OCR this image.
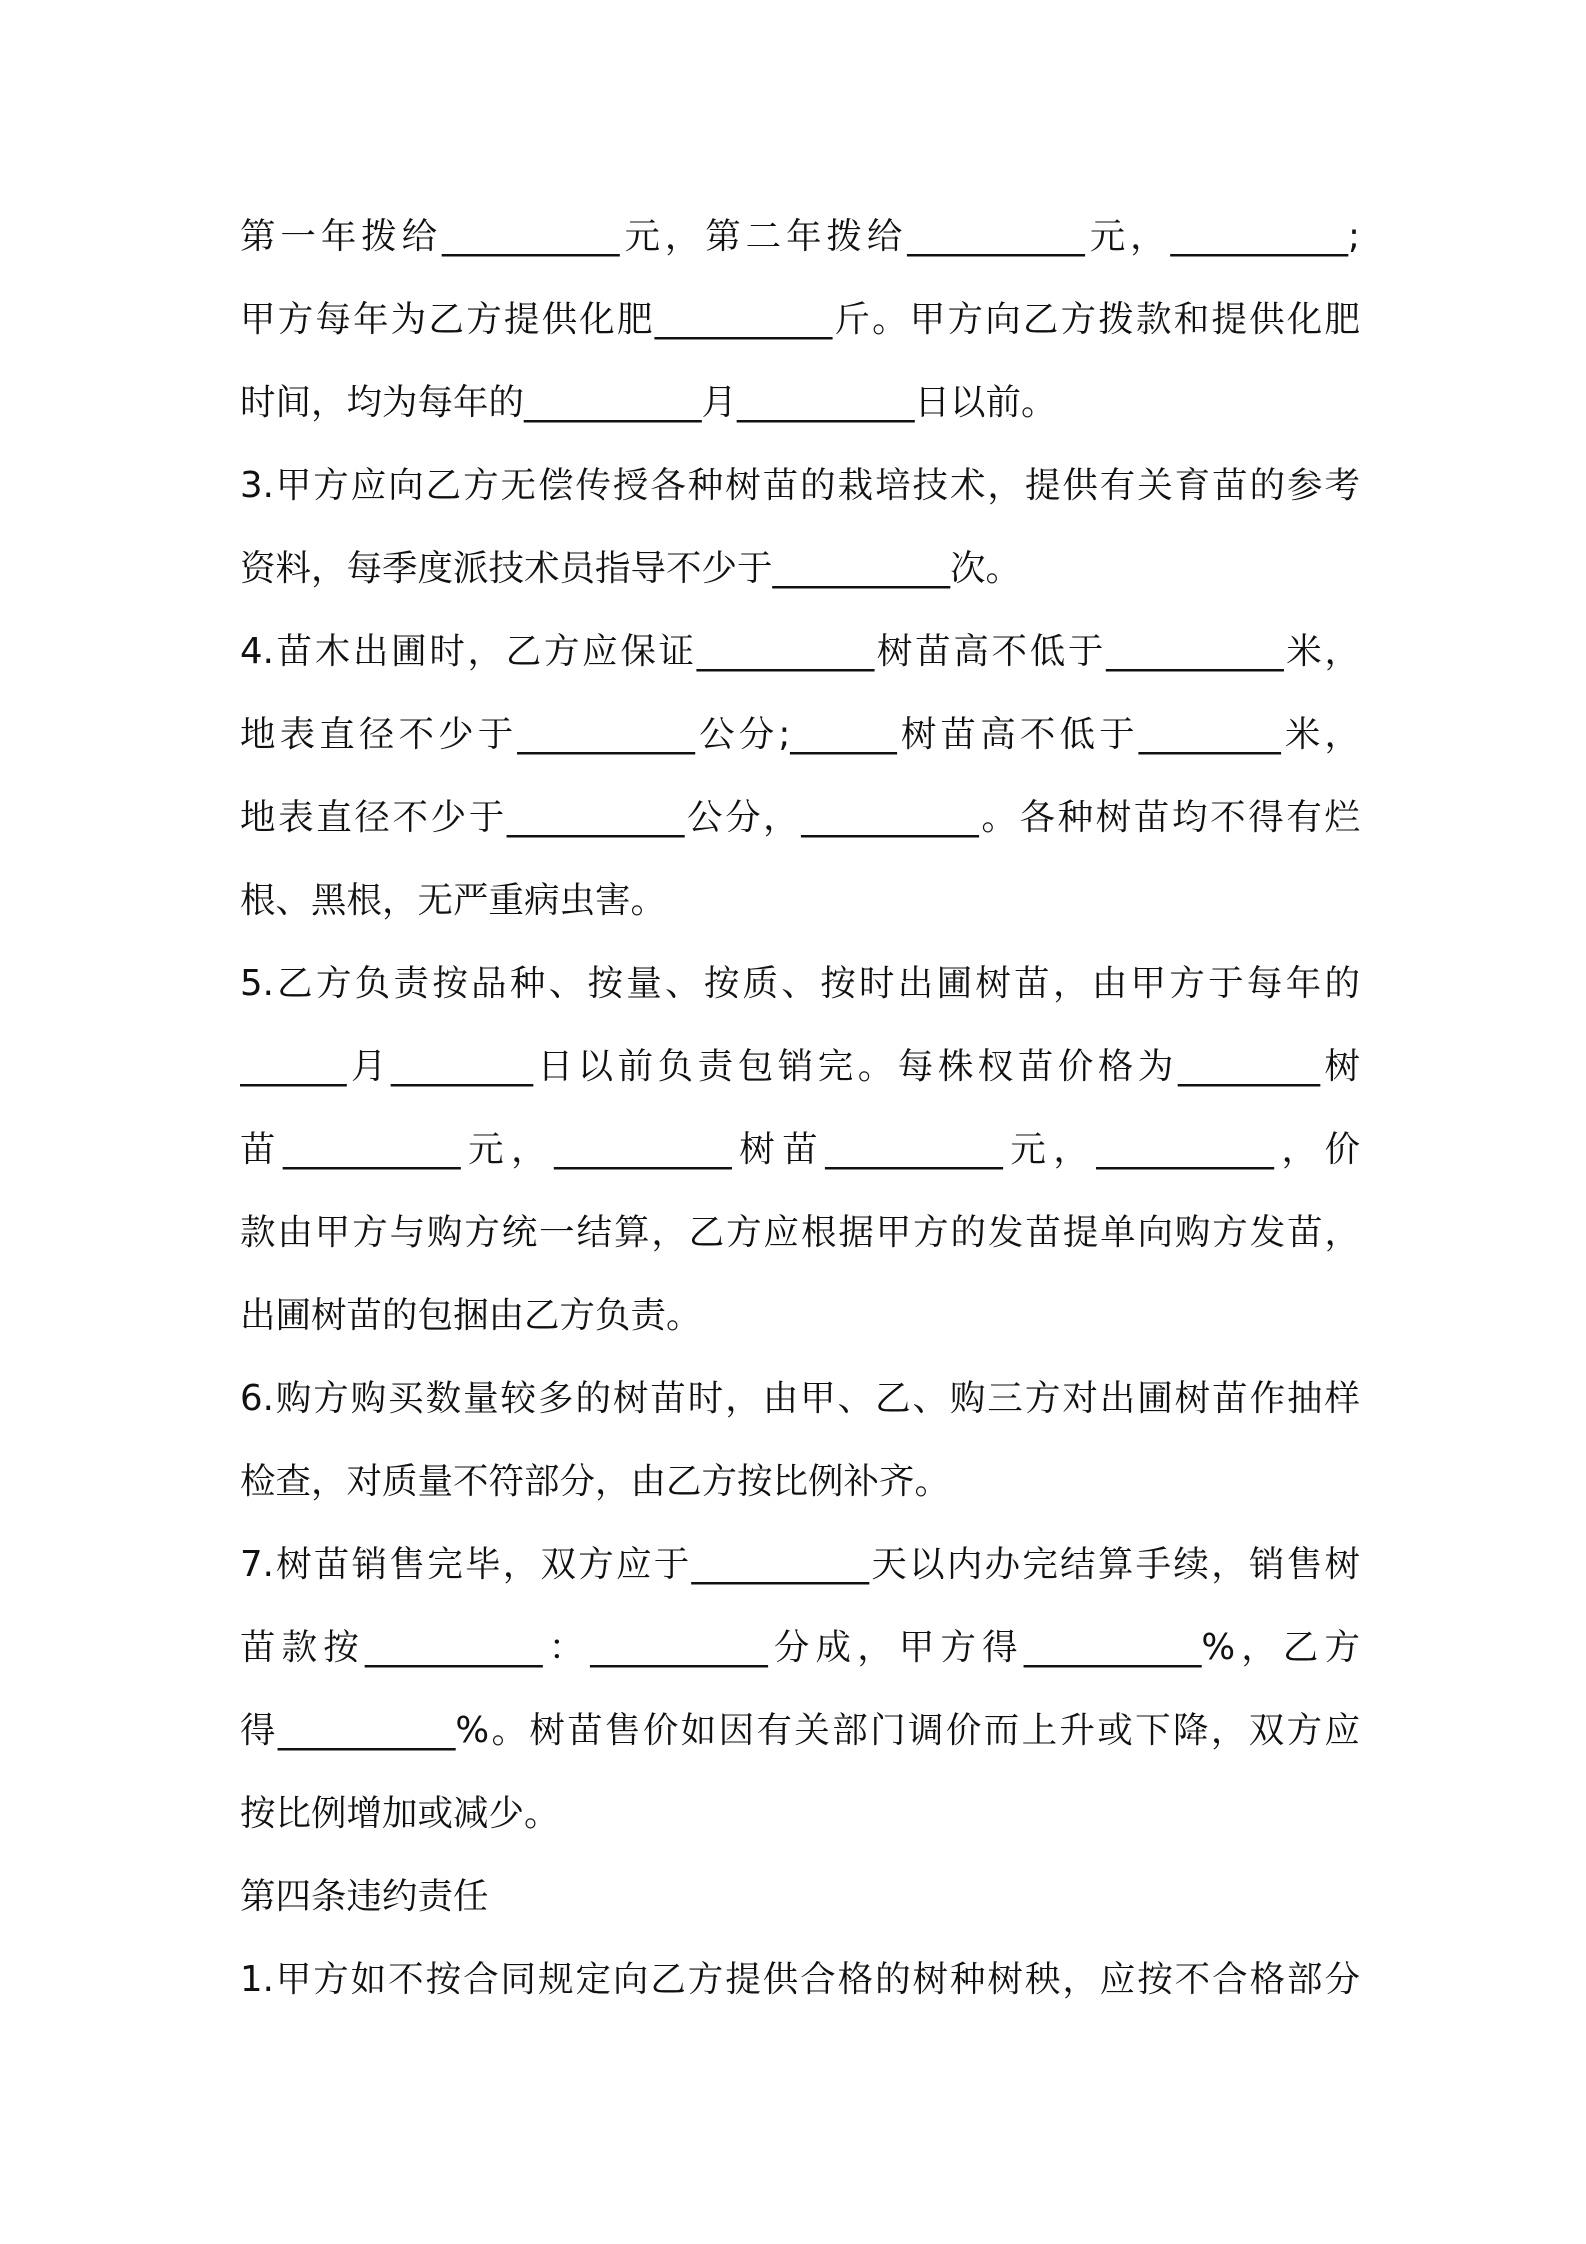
第一年拨给__________元，第二年拨给__________元，__________;
甲方每年为乙方提供化肥__________斤。甲方向乙方拨款和提供化肥
时间，均为每年的__________月__________日以前。
3.甲方应向乙方无偿传授各种树苗的栽培技术，提供有关育苗的参考
资料，每季度派技术员指导不少于__________次。
4.苗木出圃时，乙方应保证__________树苗高不低于__________米，
地表直径不少于__________公分;______树苗高不低于________米，
地表直径不少于__________公分，__________。各种树苗均不得有烂
根、黑根，无严重病虫害。
5.乙方负责按品种、按量、按质、按时出圃树苗，由甲方于每年的
______月________日以前负责包销完。每株杈苗价格为________树
苗__________元，__________树苗__________元，__________，价
款由甲方与购方统一结算，乙方应根据甲方的发苗提单向购方发苗，
出圃树苗的包捆由乙方负责。
6.购方购买数量较多的树苗时，由甲、乙、购三方对出圃树苗作抽样
检查，对质量不符部分，由乙方按比例补齐。
7.树苗销售完毕，双方应于__________天以内办完结算手续，销售树
苗款按__________：__________分成，甲方得__________%，乙方
得__________%。树苗售价如因有关部门调价而上升或下降，双方应
按比例增加或减少。
第四条违约责任
1.甲方如不按合同规定向乙方提供合格的树种树秧，应按不合格部分
